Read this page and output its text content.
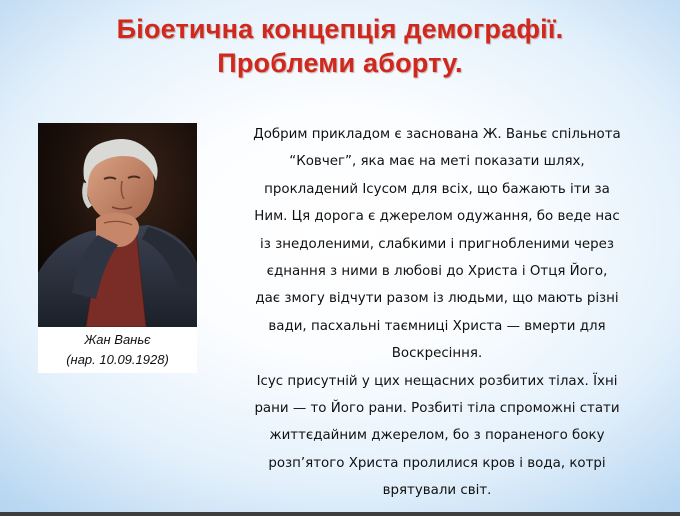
Біоетична концепція демографії.
Проблеми аборту.
Жан Ваньє
(нар. 10.09.1928)
Добрим прикладом є заснована Ж. Ваньє спільнота
“Ковчег”, яка має на меті показати шлях,
прокладений Ісусом для всіх, що бажають іти за
Ним. Ця дорога є джерелом одужання, бо веде нас
із знедоленими, слабкими і пригнобленими через
єднання з ними в любові до Христа і Отця Його,
дає змогу відчути разом із людьми, що мають різні
вади, пасхальні таємниці Христа — вмерти для
Воскресіння.
Ісус присутній у цих нещасних розбитих тілах. Їхні
рани — то Його рани. Розбиті тіла спроможні стати
життєдайним джерелом, бо з пораненого боку
розп’ятого Христа пролилися кров і вода, котрі
врятували світ.
